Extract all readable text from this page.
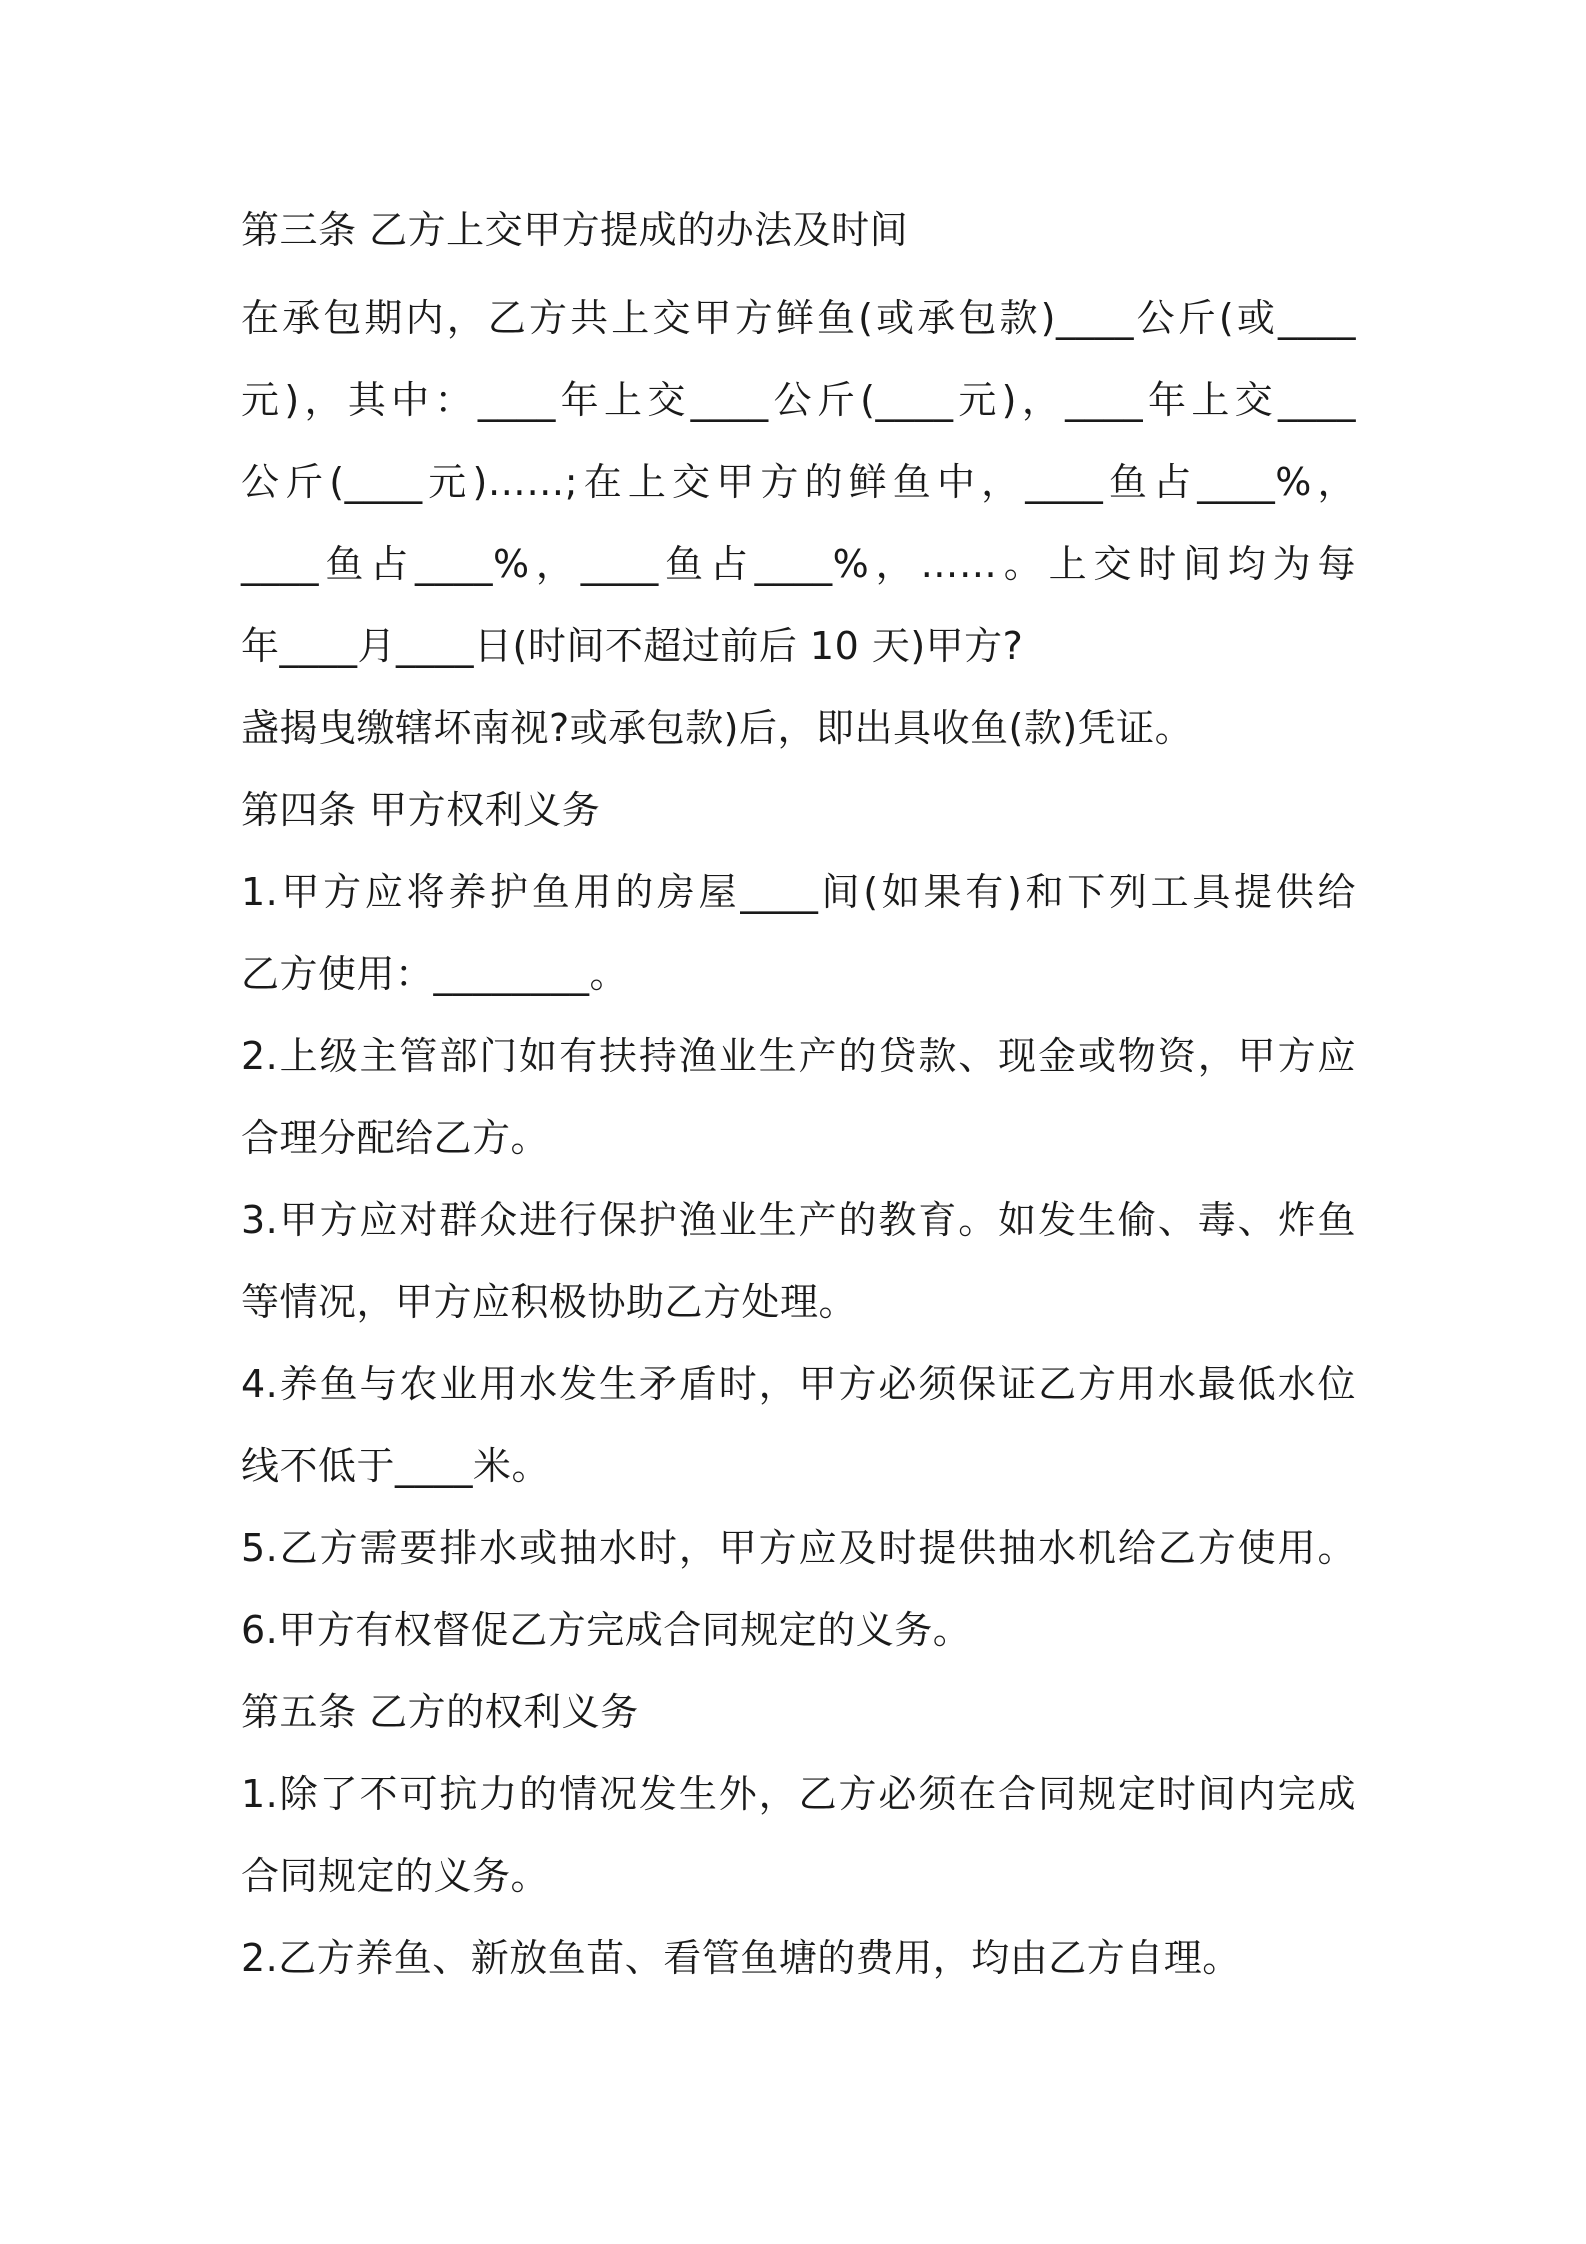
第三条 乙方上交甲方提成的办法及时间
在承包期内，乙方共上交甲方鲜鱼(或承包款)____公斤(或____
元)，其中：____年上交____公斤(____元)，____年上交____
公斤(____元)……;在上交甲方的鲜鱼中，____鱼占____%，
____鱼占____%，____鱼占____%，……。上交时间均为每
年____月____日(时间不超过前后 10 天)甲方?
盏揭曳缴辖坏南视?或承包款)后，即出具收鱼(款)凭证。
第四条 甲方权利义务
1.甲方应将养护鱼用的房屋____间(如果有)和下列工具提供给
乙方使用：________。
2.上级主管部门如有扶持渔业生产的贷款、现金或物资，甲方应
合理分配给乙方。
3.甲方应对群众进行保护渔业生产的教育。如发生偷、毒、炸鱼
等情况，甲方应积极协助乙方处理。
4.养鱼与农业用水发生矛盾时，甲方必须保证乙方用水最低水位
线不低于____米。
5.乙方需要排水或抽水时，甲方应及时提供抽水机给乙方使用。
6.甲方有权督促乙方完成合同规定的义务。
第五条 乙方的权利义务
1.除了不可抗力的情况发生外，乙方必须在合同规定时间内完成
合同规定的义务。
2.乙方养鱼、新放鱼苗、看管鱼塘的费用，均由乙方自理。
